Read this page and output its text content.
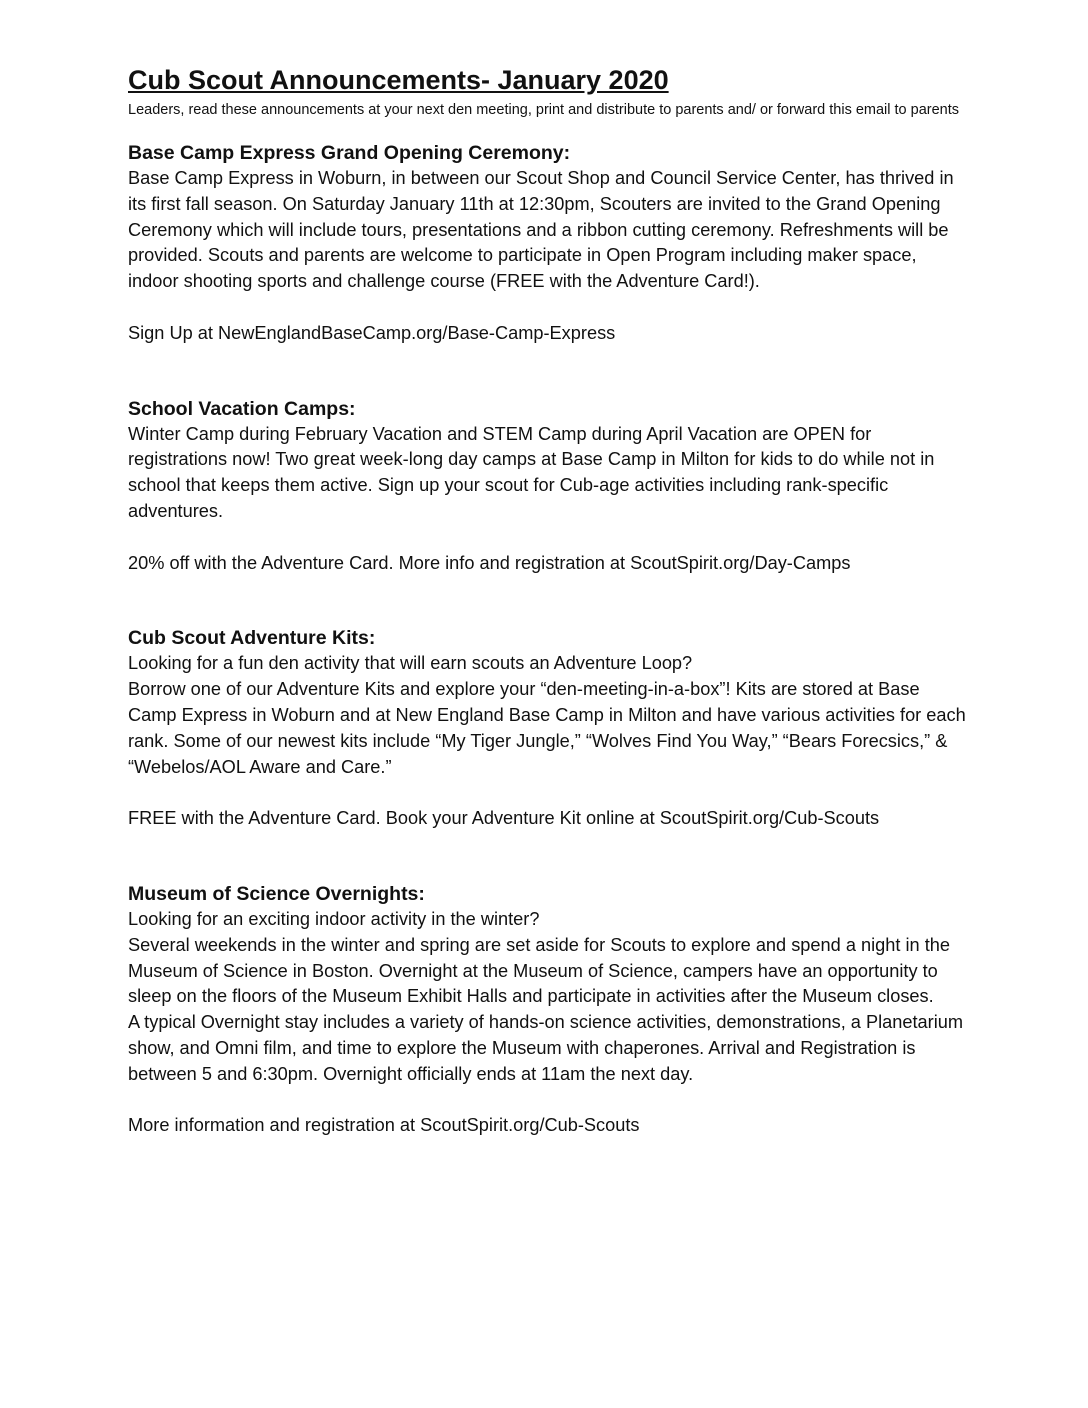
Cub Scout Announcements- January 2020

Leaders, read these announcements at your next den meeting, print and distribute to parents and/ or forward this email to parents

Base Camp Express Grand Opening Ceremony:

Base Camp Express in Woburn, in between our Scout Shop and Council Service Center, has thrived in its first fall season. On Saturday January 11th at 12:30pm, Scouters are invited to the Grand Opening Ceremony which will include tours, presentations and a ribbon cutting ceremony. Refreshments will be provided. Scouts and parents are welcome to participate in Open Program including maker space, indoor shooting sports and challenge course (FREE with the Adventure Card!).

Sign Up at NewEnglandBaseCamp.org/Base-Camp-Express

School Vacation Camps:

Winter Camp during February Vacation and STEM Camp during April Vacation are OPEN for registrations now! Two great week-long day camps at Base Camp in Milton for kids to do while not in school that keeps them active. Sign up your scout for Cub-age activities including rank-specific adventures.

20% off with the Adventure Card. More info and registration at ScoutSpirit.org/Day-Camps

Cub Scout Adventure Kits:

Looking for a fun den activity that will earn scouts an Adventure Loop?

Borrow one of our Adventure Kits and explore your “den-meeting-in-a-box”! Kits are stored at Base Camp Express in Woburn and at New England Base Camp in Milton and have various activities for each rank. Some of our newest kits include “My Tiger Jungle,” “Wolves Find You Way,” “Bears Forecsics,” & “Webelos/AOL Aware and Care.”

FREE with the Adventure Card. Book your Adventure Kit online at ScoutSpirit.org/Cub-Scouts

Museum of Science Overnights:

Looking for an exciting indoor activity in the winter?

Several weekends in the winter and spring are set aside for Scouts to explore and spend a night in the Museum of Science in Boston. Overnight at the Museum of Science, campers have an opportunity to sleep on the floors of the Museum Exhibit Halls and participate in activities after the Museum closes.

A typical Overnight stay includes a variety of hands-on science activities, demonstrations, a Planetarium show, and Omni film, and time to explore the Museum with chaperones. Arrival and Registration is between 5 and 6:30pm. Overnight officially ends at 11am the next day.

More information and registration at ScoutSpirit.org/Cub-Scouts
